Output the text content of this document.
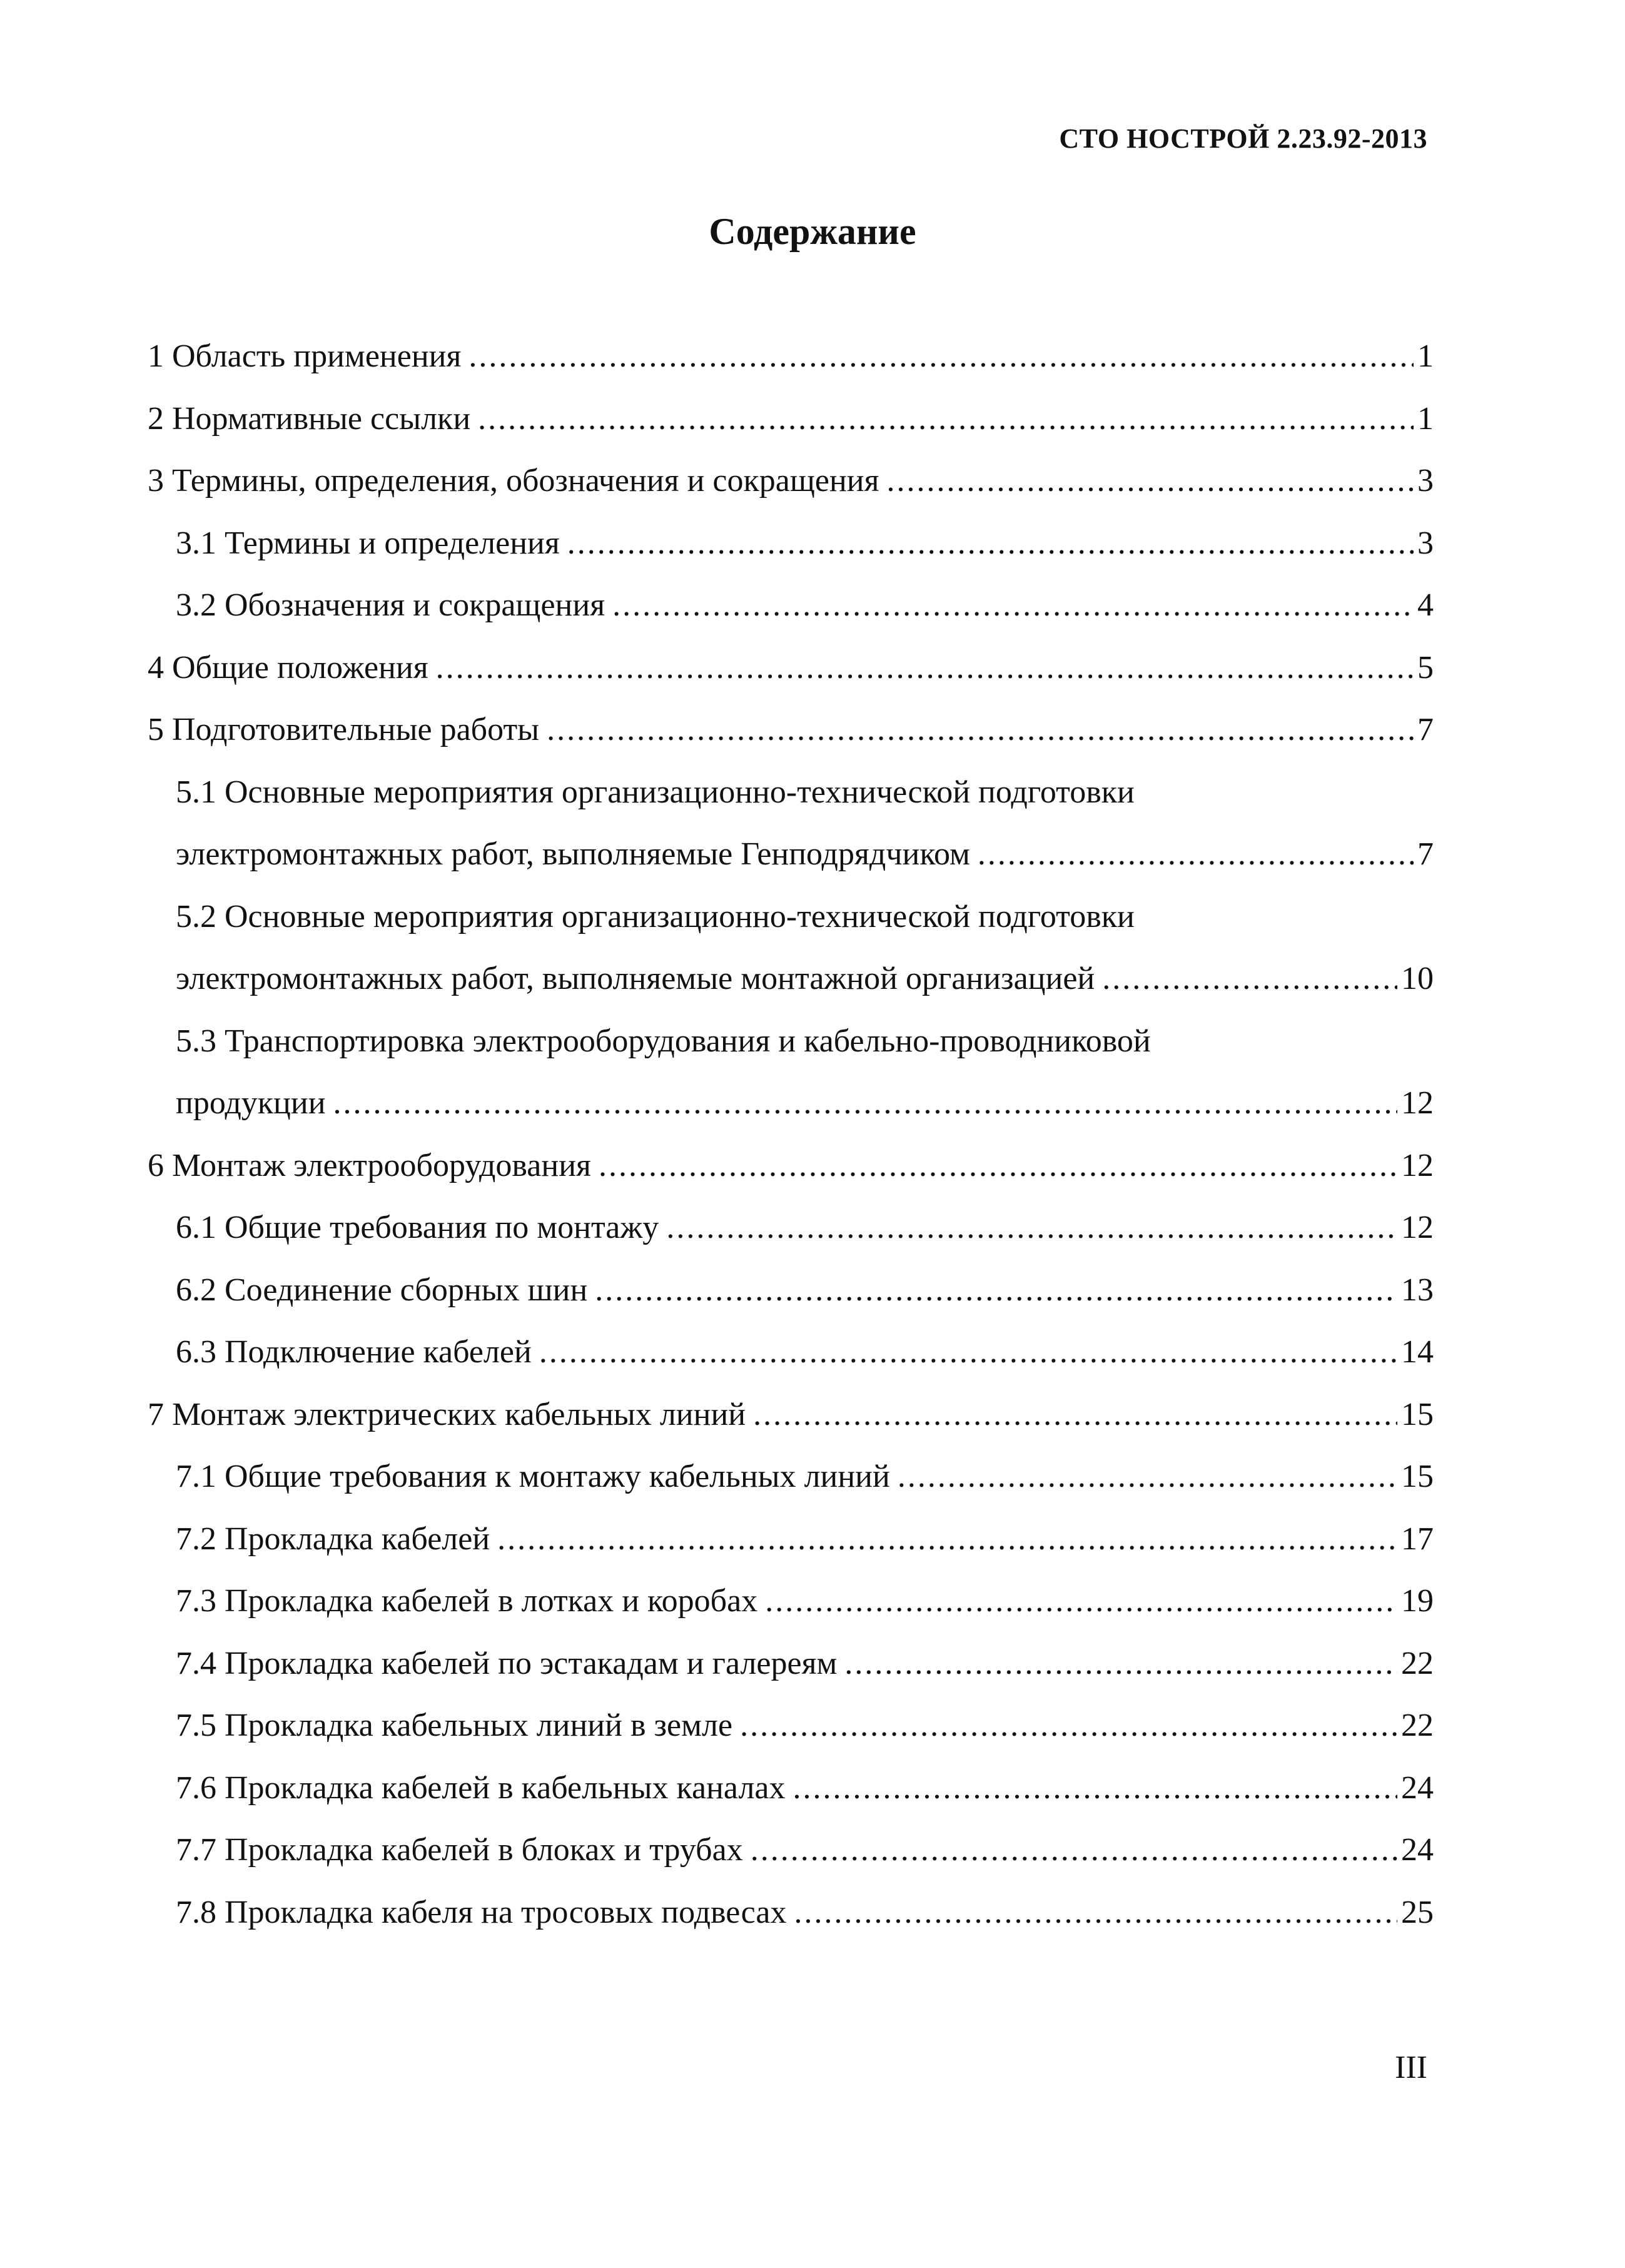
СТО НОСТРОЙ 2.23.92-2013
Содержание
1 Область применения .....	1
2 Нормативные ссылки .....	1
3 Термины, определения, обозначения и сокращения .....	3
3.1 Термины и определения .....	3
3.2 Обозначения и сокращения .....	4
4 Общие положения .....	5
5 Подготовительные работы .....	7
5.1 Основные мероприятия организационно-технической подготовки
электромонтажных работ, выполняемые Генподрядчиком .....	7
5.2 Основные мероприятия организационно-технической подготовки
электромонтажных работ, выполняемые монтажной организацией .....	10
5.3 Транспортировка электрооборудования и кабельно-проводниковой
продукции .....	12
6 Монтаж электрооборудования .....	12
6.1 Общие требования по монтажу .....	12
6.2 Соединение сборных шин .....	13
6.3 Подключение кабелей .....	14
7 Монтаж электрических кабельных линий .....	15
7.1 Общие требования к монтажу кабельных линий .....	15
7.2 Прокладка кабелей .....	17
7.3 Прокладка кабелей в лотках и коробах .....	19
7.4 Прокладка кабелей по эстакадам и галереям .....	22
7.5 Прокладка кабельных линий в земле .....	22
7.6 Прокладка кабелей в кабельных каналах .....	24
7.7 Прокладка кабелей в блоках и трубах .....	24
7.8 Прокладка кабеля на тросовых подвесах .....	25
III
